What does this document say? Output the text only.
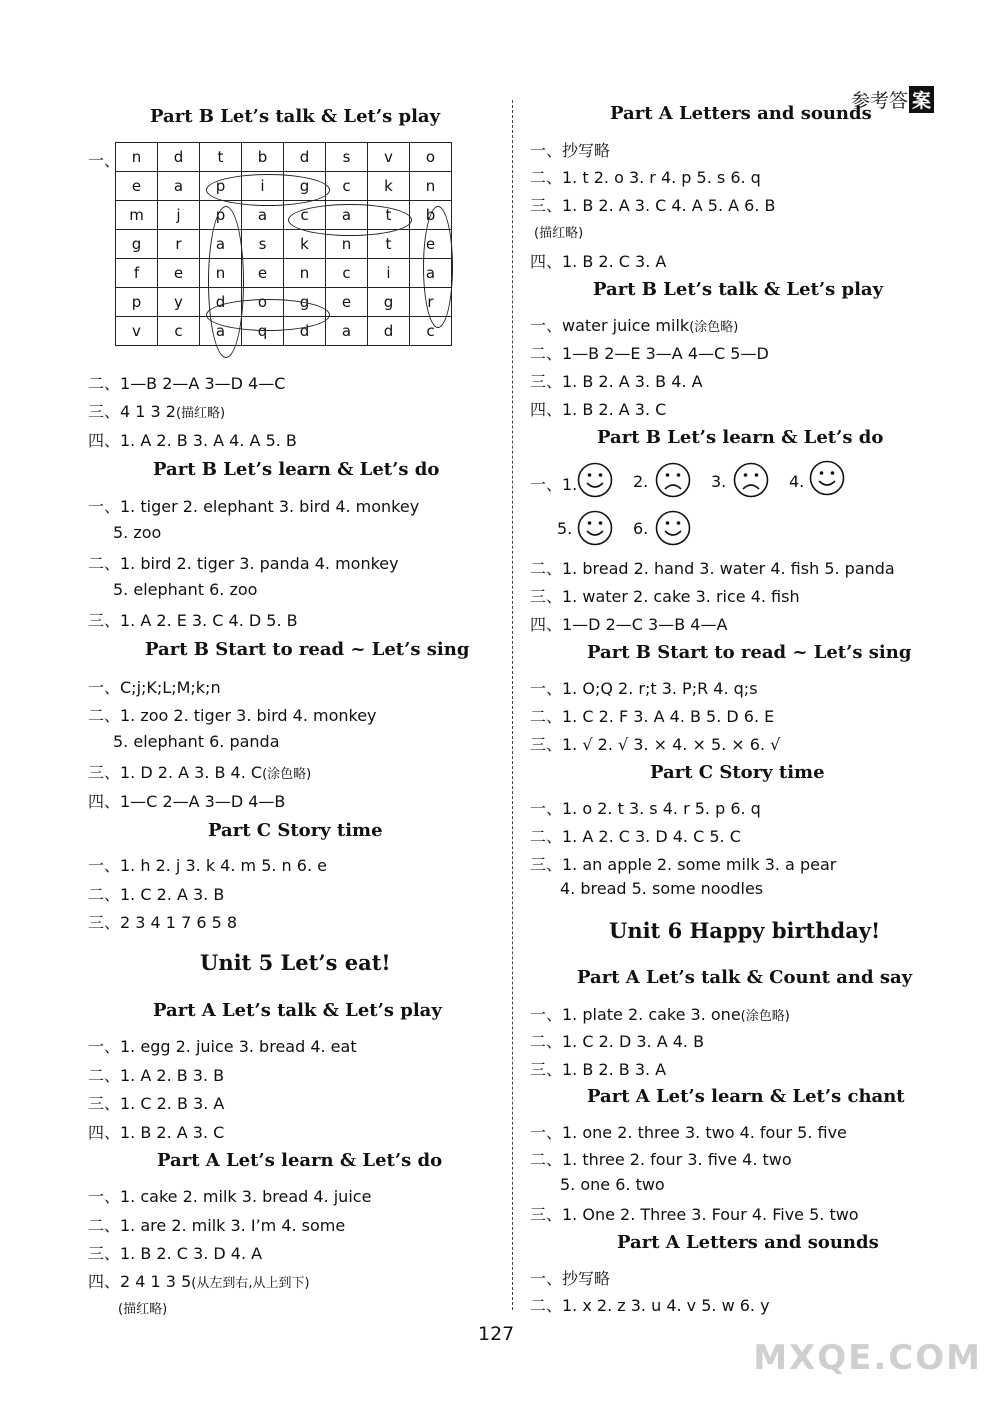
参考答 案
Part B Let’s talk & Let’s play
一、 n	d	t	b	d	s	v	o
e	a	p	i	g	c	k	n
m	j	p	a	c	a	t	b
g	r	a	s	k	n	t	e
f	e	n	e	n	c	i	a
p	y	d	o	g	e	g	r
v	c	a	q	d	a	d	c
二、1—B 2—A 3—D 4—C
三、4 1 3 2(描红略)
四、1. A 2. B 3. A 4. A 5. B
Part B Let’s learn & Let’s do
一、1. tiger 2. elephant 3. bird 4. monkey
5. zoo
二、1. bird 2. tiger 3. panda 4. monkey
5. elephant 6. zoo
三、1. A 2. E 3. C 4. D 5. B
Part B Start to read ~ Let’s sing
一、C;j;K;L;M;k;n
二、1. zoo 2. tiger 3. bird 4. monkey
5. elephant 6. panda
三、1. D 2. A 3. B 4. C(涂色略)
四、1—C 2—A 3—D 4—B
Part C Story time
一、1. h 2. j 3. k 4. m 5. n 6. e
二、1. C 2. A 3. B
三、2 3 4 1 7 6 5 8
Unit 5 Let’s eat!
Part A Let’s talk & Let’s play
一、1. egg 2. juice 3. bread 4. eat
二、1. A 2. B 3. B
三、1. C 2. B 3. A
四、1. B 2. A 3. C
Part A Let’s learn & Let’s do
一、1. cake 2. milk 3. bread 4. juice
二、1. are 2. milk 3. I’m 4. some
三、1. B 2. C 3. D 4. A
四、2 4 1 3 5(从左到右,从上到下)
(描红略)
Part A Letters and sounds
一、抄写略
二、1. t 2. o 3. r 4. p 5. s 6. q
三、1. B 2. A 3. C 4. A 5. A 6. B
(描红略)
四、1. B 2. C 3. A
Part B Let’s talk & Let’s play
一、water juice milk(涂色略)
二、1—B 2—E 3—A 4—C 5—D
三、1. B 2. A 3. B 4. A
四、1. B 2. A 3. C
Part B Let’s learn & Let’s do
一、1.	2.	3.	4.
5.	6.
二、1. bread 2. hand 3. water 4. fish 5. panda
三、1. water 2. cake 3. rice 4. fish
四、1—D 2—C 3—B 4—A
Part B Start to read ~ Let’s sing
一、1. O;Q 2. r;t 3. P;R 4. q;s
二、1. C 2. F 3. A 4. B 5. D 6. E
三、1. √ 2. √ 3. × 4. × 5. × 6. √
Part C Story time
一、1. o 2. t 3. s 4. r 5. p 6. q
二、1. A 2. C 3. D 4. C 5. C
三、1. an apple 2. some milk 3. a pear
4. bread 5. some noodles
Unit 6 Happy birthday!
Part A Let’s talk & Count and say
一、1. plate 2. cake 3. one(涂色略)
二、1. C 2. D 3. A 4. B
三、1. B 2. B 3. A
Part A Let’s learn & Let’s chant
一、1. one 2. three 3. two 4. four 5. five
二、1. three 2. four 3. five 4. two
5. one 6. two
三、1. One 2. Three 3. Four 4. Five 5. two
Part A Letters and sounds
一、抄写略
二、1. x 2. z 3. u 4. v 5. w 6. y
127
MXQE.COM
